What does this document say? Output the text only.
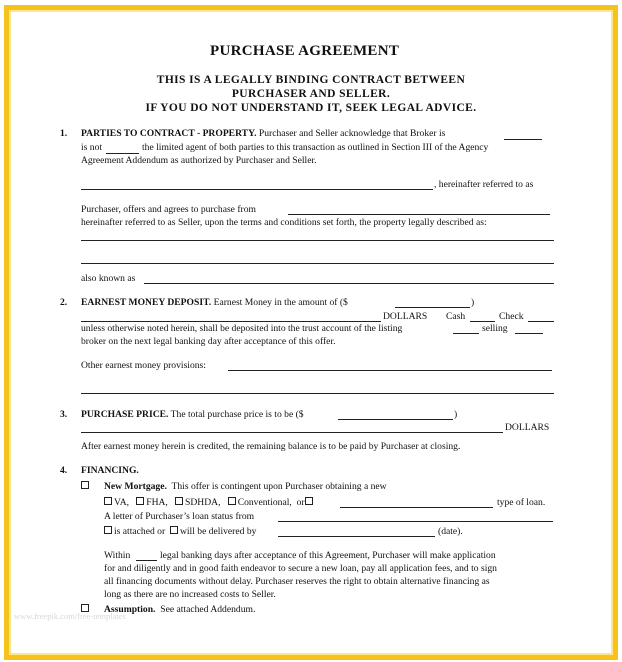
PURCHASE AGREEMENT
THIS IS A LEGALLY BINDING CONTRACT BETWEEN
PURCHASER AND SELLER.
IF YOU DO NOT UNDERSTAND IT, SEEK LEGAL ADVICE.
1. PARTIES TO CONTRACT - PROPERTY. Purchaser and Seller acknowledge that Broker is
is not	the limited agent of both parties to this transaction as outlined in Section III of the Agency
Agreement Addendum as authorized by Purchaser and Seller.
, hereinafter referred to as
Purchaser, offers and agrees to purchase from
hereinafter referred to as Seller, upon the terms and conditions set forth, the property legally described as:
also known as
2. EARNEST MONEY DEPOSIT. Earnest Money in the amount of ($	)
DOLLARS Cash	Check
unless otherwise noted herein, shall be deposited into the trust account of the listing	selling
broker on the next legal banking day after acceptance of this offer.
Other earnest money provisions:
3. PURCHASE PRICE. The total purchase price is to be ($	)
DOLLARS
After earnest money herein is credited, the remaining balance is to be paid by Purchaser at closing.
4. FINANCING.
New Mortgage. This offer is contingent upon Purchaser obtaining a new
VA, FHA, SDHDA, Conventional, or	type of loan.
A letter of Purchaser’s loan status from
is attached or will be delivered by	(date).
Within	legal banking days after acceptance of this Agreement, Purchaser will make application
for and diligently and in good faith endeavor to secure a new loan, pay all application fees, and to sign
all financing documents without delay. Purchaser reserves the right to obtain alternative financing as
long as there are no increased costs to Seller.
Assumption. See attached Addendum.
www.freepik.com/free-templates
